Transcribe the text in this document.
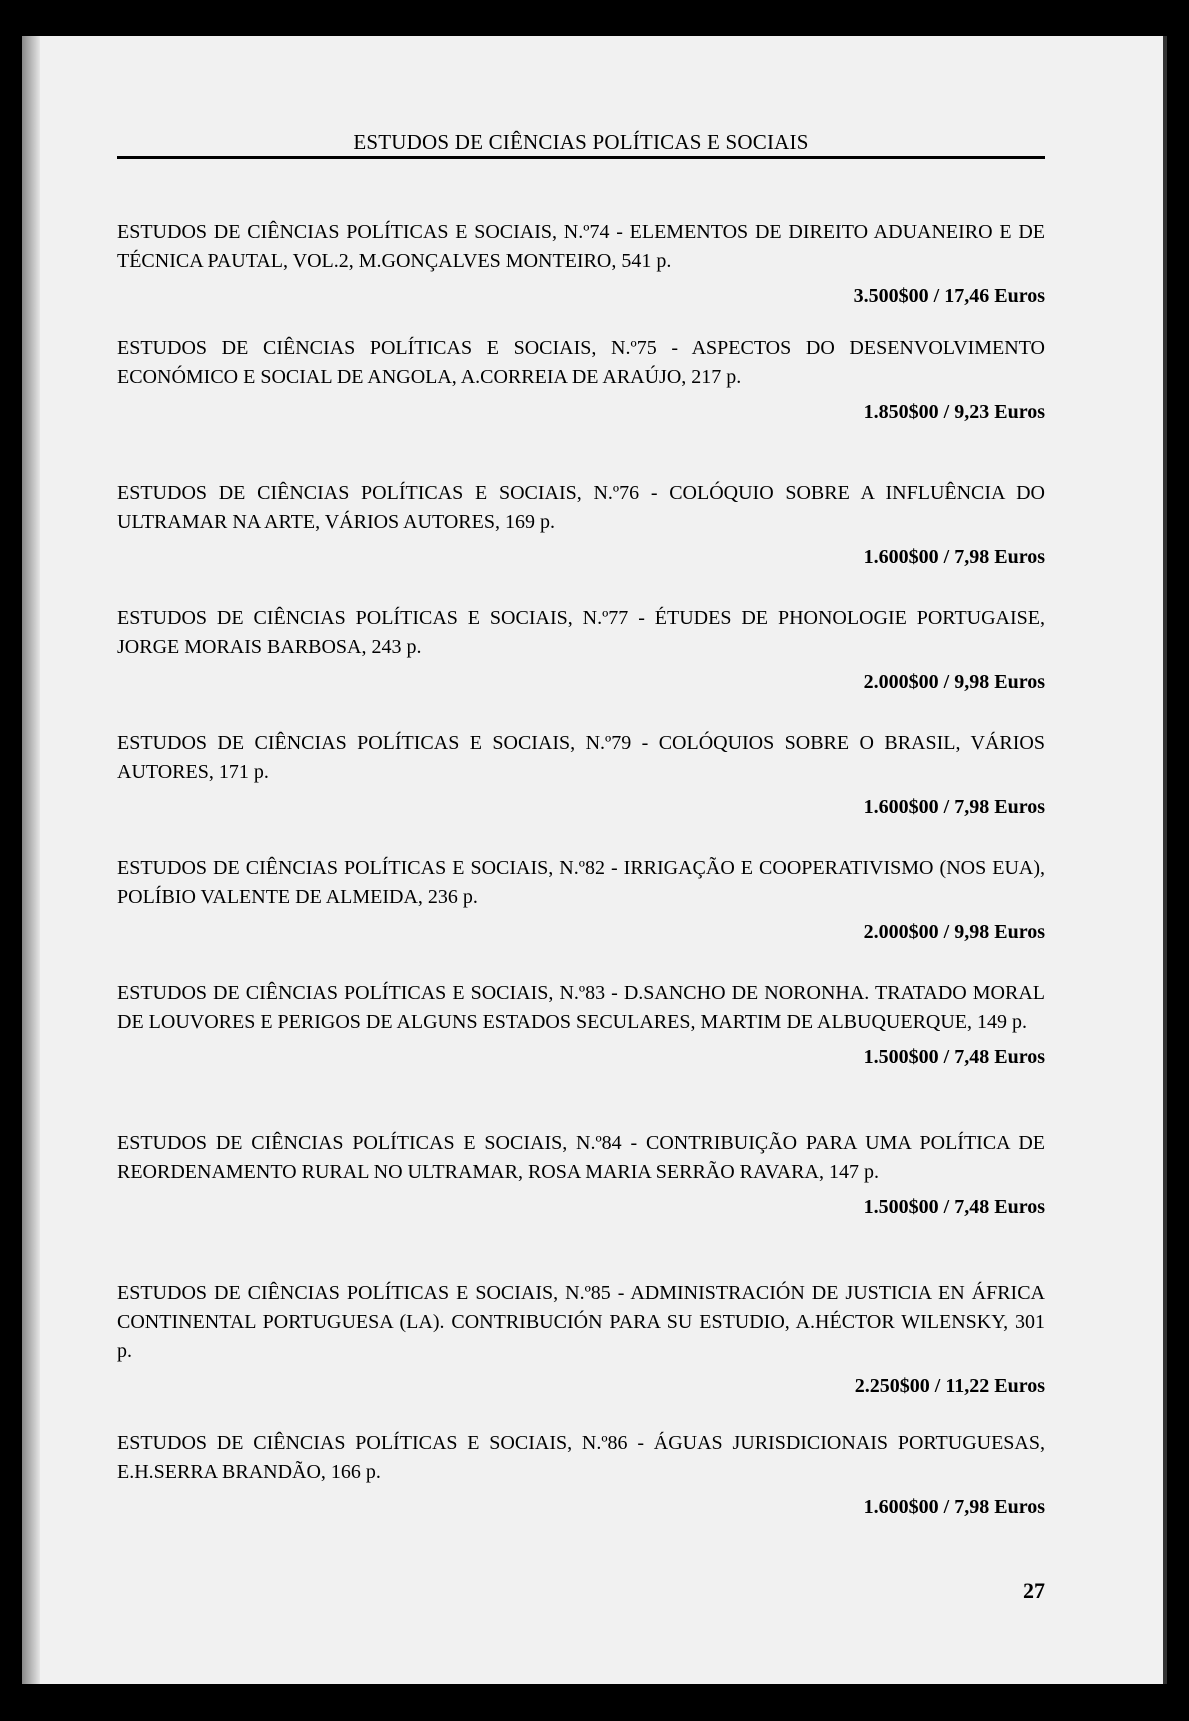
ESTUDOS DE CIÊNCIAS POLÍTICAS E SOCIAIS

ESTUDOS DE CIÊNCIAS POLÍTICAS E SOCIAIS, N.º74 - ELEMENTOS DE DIREITO ADUANEIRO E DE TÉCNICA PAUTAL, VOL.2, M.GONÇALVES MONTEIRO, 541 p.

3.500$00 / 17,46 Euros

ESTUDOS DE CIÊNCIAS POLÍTICAS E SOCIAIS, N.º75 - ASPECTOS DO DESENVOLVIMENTO ECONÓMICO E SOCIAL DE ANGOLA, A.CORREIA DE ARAÚJO, 217 p.

1.850$00 / 9,23 Euros

ESTUDOS DE CIÊNCIAS POLÍTICAS E SOCIAIS, N.º76 - COLÓQUIO SOBRE A INFLUÊNCIA DO ULTRAMAR NA ARTE, VÁRIOS AUTORES, 169 p.

1.600$00 / 7,98 Euros

ESTUDOS DE CIÊNCIAS POLÍTICAS E SOCIAIS, N.º77 - ÉTUDES DE PHONOLOGIE PORTUGAISE, JORGE MORAIS BARBOSA, 243 p.

2.000$00 / 9,98 Euros

ESTUDOS DE CIÊNCIAS POLÍTICAS E SOCIAIS, N.º79 - COLÓQUIOS SOBRE O BRASIL, VÁRIOS AUTORES, 171 p.

1.600$00 / 7,98 Euros

ESTUDOS DE CIÊNCIAS POLÍTICAS E SOCIAIS, N.º82 - IRRIGAÇÃO E COOPERATIVISMO (NOS EUA), POLÍBIO VALENTE DE ALMEIDA, 236 p.

2.000$00 / 9,98 Euros

ESTUDOS DE CIÊNCIAS POLÍTICAS E SOCIAIS, N.º83 - D.SANCHO DE NORONHA. TRATADO MORAL DE LOUVORES E PERIGOS DE ALGUNS ESTADOS SECULARES, MARTIM DE ALBUQUERQUE, 149 p.

1.500$00 / 7,48 Euros

ESTUDOS DE CIÊNCIAS POLÍTICAS E SOCIAIS, N.º84 - CONTRIBUIÇÃO PARA UMA POLÍTICA DE REORDENAMENTO RURAL NO ULTRAMAR, ROSA MARIA SERRÃO RAVARA, 147 p.

1.500$00 / 7,48 Euros

ESTUDOS DE CIÊNCIAS POLÍTICAS E SOCIAIS, N.º85 - ADMINISTRACIÓN DE JUSTICIA EN ÁFRICA CONTINENTAL PORTUGUESA (LA). CONTRIBUCIÓN PARA SU ESTUDIO, A.HÉCTOR WILENSKY, 301 p.

2.250$00 / 11,22 Euros

ESTUDOS DE CIÊNCIAS POLÍTICAS E SOCIAIS, N.º86 - ÁGUAS JURISDICIONAIS PORTUGUESAS, E.H.SERRA BRANDÃO, 166 p.

1.600$00 / 7,98 Euros
27
